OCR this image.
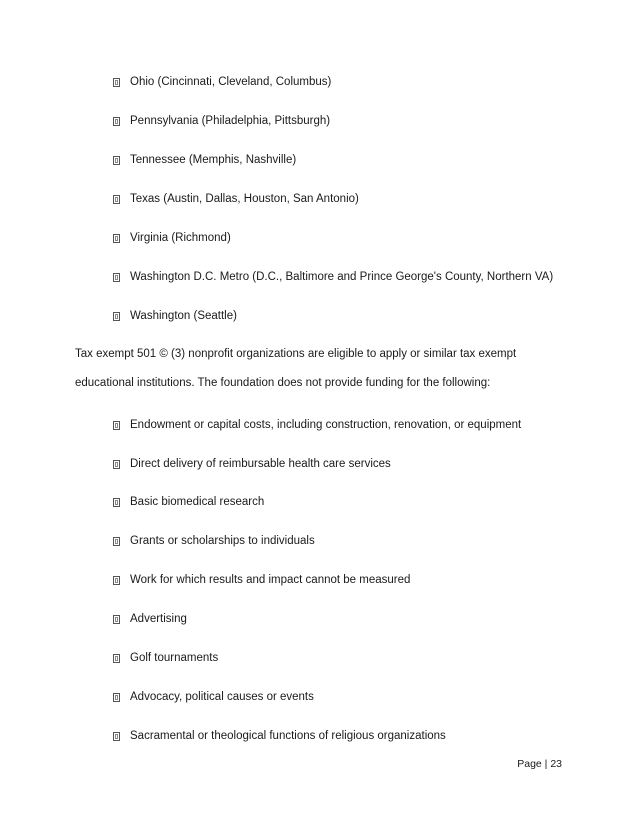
Ohio (Cincinnati, Cleveland, Columbus)
Pennsylvania (Philadelphia, Pittsburgh)
Tennessee (Memphis, Nashville)
Texas (Austin, Dallas, Houston, San Antonio)
Virginia (Richmond)
Washington D.C. Metro (D.C., Baltimore and Prince George's County, Northern VA)
Washington (Seattle)
Tax exempt 501 © (3) nonprofit organizations are eligible to apply or similar tax exempt
educational institutions. The foundation does not provide funding for the following:
Endowment or capital costs, including construction, renovation, or equipment
Direct delivery of reimbursable health care services
Basic biomedical research
Grants or scholarships to individuals
Work for which results and impact cannot be measured
Advertising
Golf tournaments
Advocacy, political causes or events
Sacramental or theological functions of religious organizations
Page | 23
